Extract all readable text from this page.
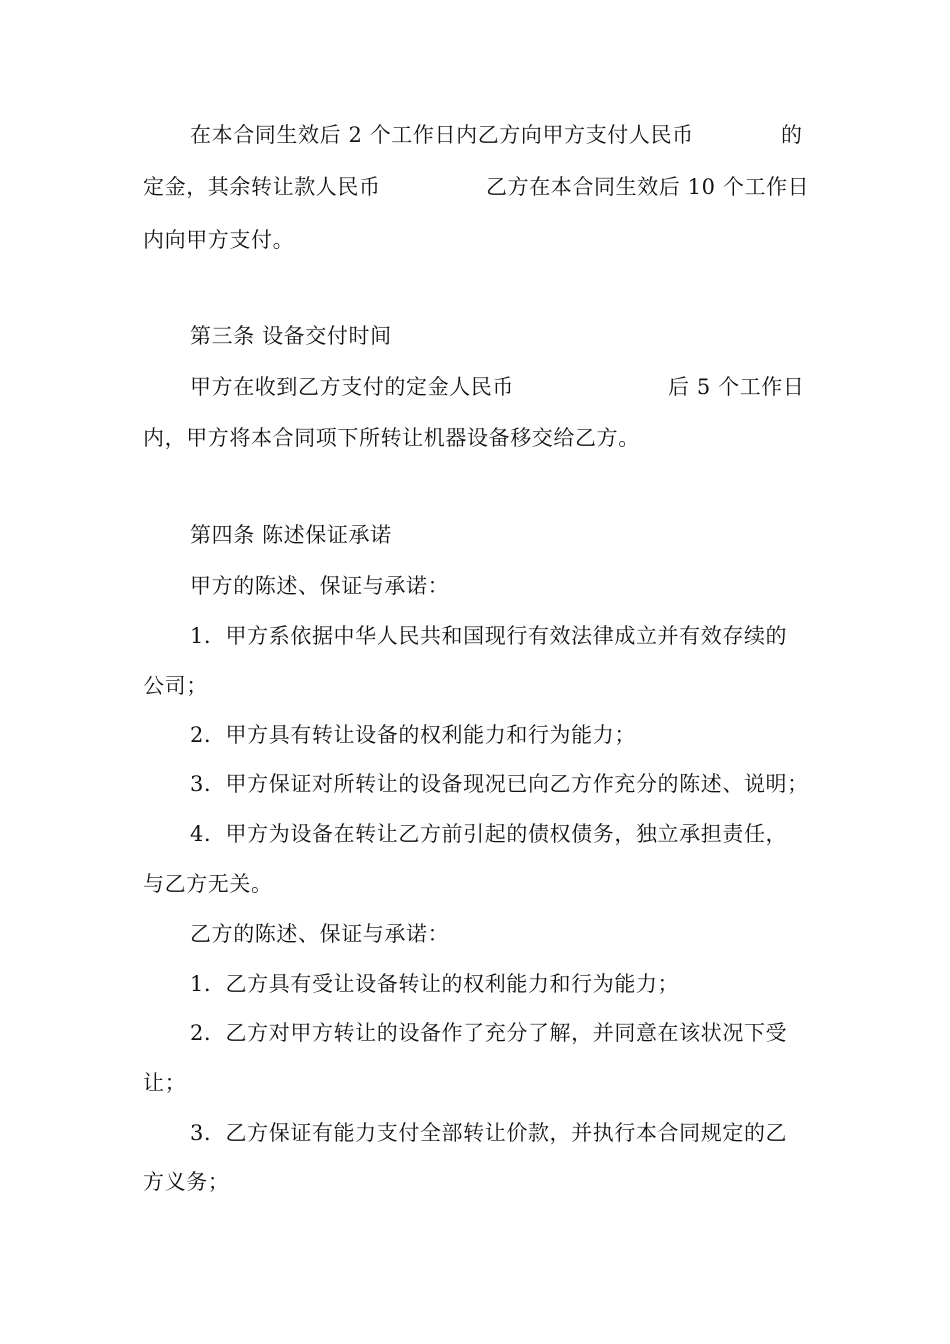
在本合同生效后 2 个工作日内乙方向甲方支付人民币	的
定金，其余转让款人民币	乙方在本合同生效后 10 个工作日
内向甲方支付。
第三条 设备交付时间
甲方在收到乙方支付的定金人民币	后 5 个工作日
内，甲方将本合同项下所转让机器设备移交给乙方。
第四条 陈述保证承诺
甲方的陈述、保证与承诺：
1．甲方系依据中华人民共和国现行有效法律成立并有效存续的
公司；
2．甲方具有转让设备的权利能力和行为能力；
3．甲方保证对所转让的设备现况已向乙方作充分的陈述、说明；
4．甲方为设备在转让乙方前引起的债权债务，独立承担责任，
与乙方无关。
乙方的陈述、保证与承诺：
1．乙方具有受让设备转让的权利能力和行为能力；
2．乙方对甲方转让的设备作了充分了解，并同意在该状况下受
让；
3．乙方保证有能力支付全部转让价款，并执行本合同规定的乙
方义务；
